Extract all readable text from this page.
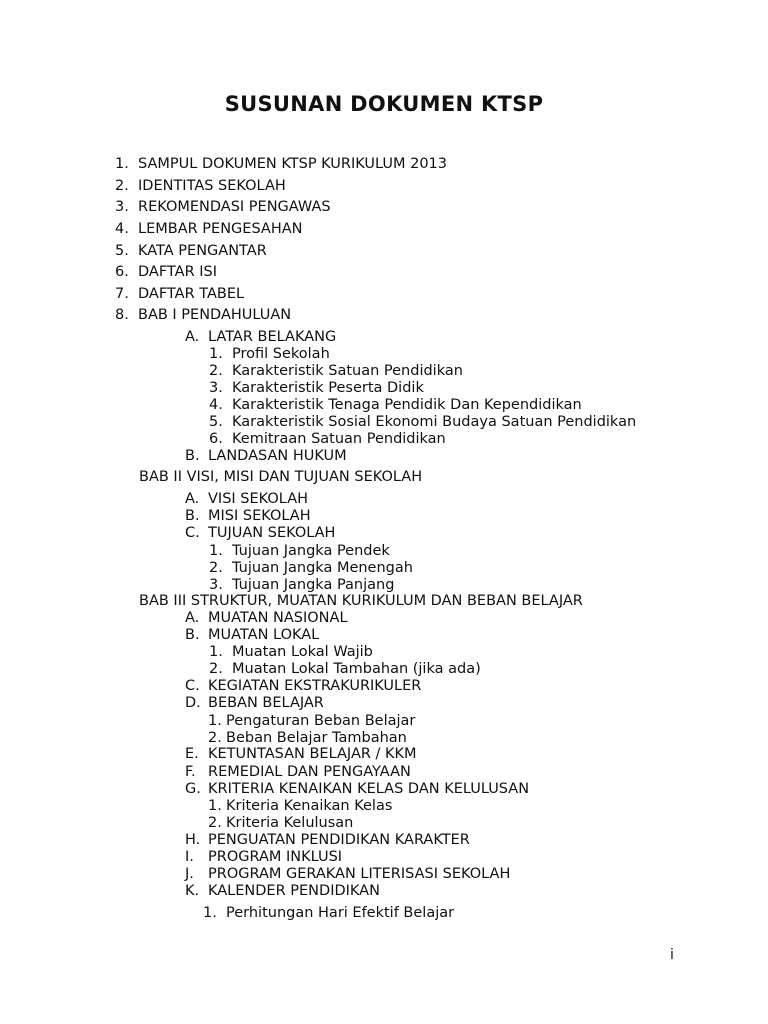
SUSUNAN DOKUMEN KTSP
1. SAMPUL DOKUMEN KTSP KURIKULUM 2013
2. IDENTITAS SEKOLAH
3. REKOMENDASI PENGAWAS
4. LEMBAR PENGESAHAN
5. KATA PENGANTAR
6. DAFTAR ISI
7. DAFTAR TABEL
8. BAB I PENDAHULUAN
A. LATAR BELAKANG
1. Profil Sekolah
2. Karakteristik Satuan Pendidikan
3. Karakteristik Peserta Didik
4. Karakteristik Tenaga Pendidik Dan Kependidikan
5. Karakteristik Sosial Ekonomi Budaya Satuan Pendidikan
6. Kemitraan Satuan Pendidikan
B. LANDASAN HUKUM
BAB II VISI, MISI DAN TUJUAN SEKOLAH
A. VISI SEKOLAH
B. MISI SEKOLAH
C. TUJUAN SEKOLAH
1. Tujuan Jangka Pendek
2. Tujuan Jangka Menengah
3. Tujuan Jangka Panjang
BAB III STRUKTUR, MUATAN KURIKULUM DAN BEBAN BELAJAR
A. MUATAN NASIONAL
B. MUATAN LOKAL
1. Muatan Lokal Wajib
2. Muatan Lokal Tambahan (jika ada)
C. KEGIATAN EKSTRAKURIKULER
D. BEBAN BELAJAR
1. Pengaturan Beban Belajar
2. Beban Belajar Tambahan
E. KETUNTASAN BELAJAR / KKM
F. REMEDIAL DAN PENGAYAAN
G. KRITERIA KENAIKAN KELAS DAN KELULUSAN
1. Kriteria Kenaikan Kelas
2. Kriteria Kelulusan
H. PENGUATAN PENDIDIKAN KARAKTER
I. PROGRAM INKLUSI
J. PROGRAM GERAKAN LITERISASI SEKOLAH
K. KALENDER PENDIDIKAN
1. Perhitungan Hari Efektif Belajar
i
